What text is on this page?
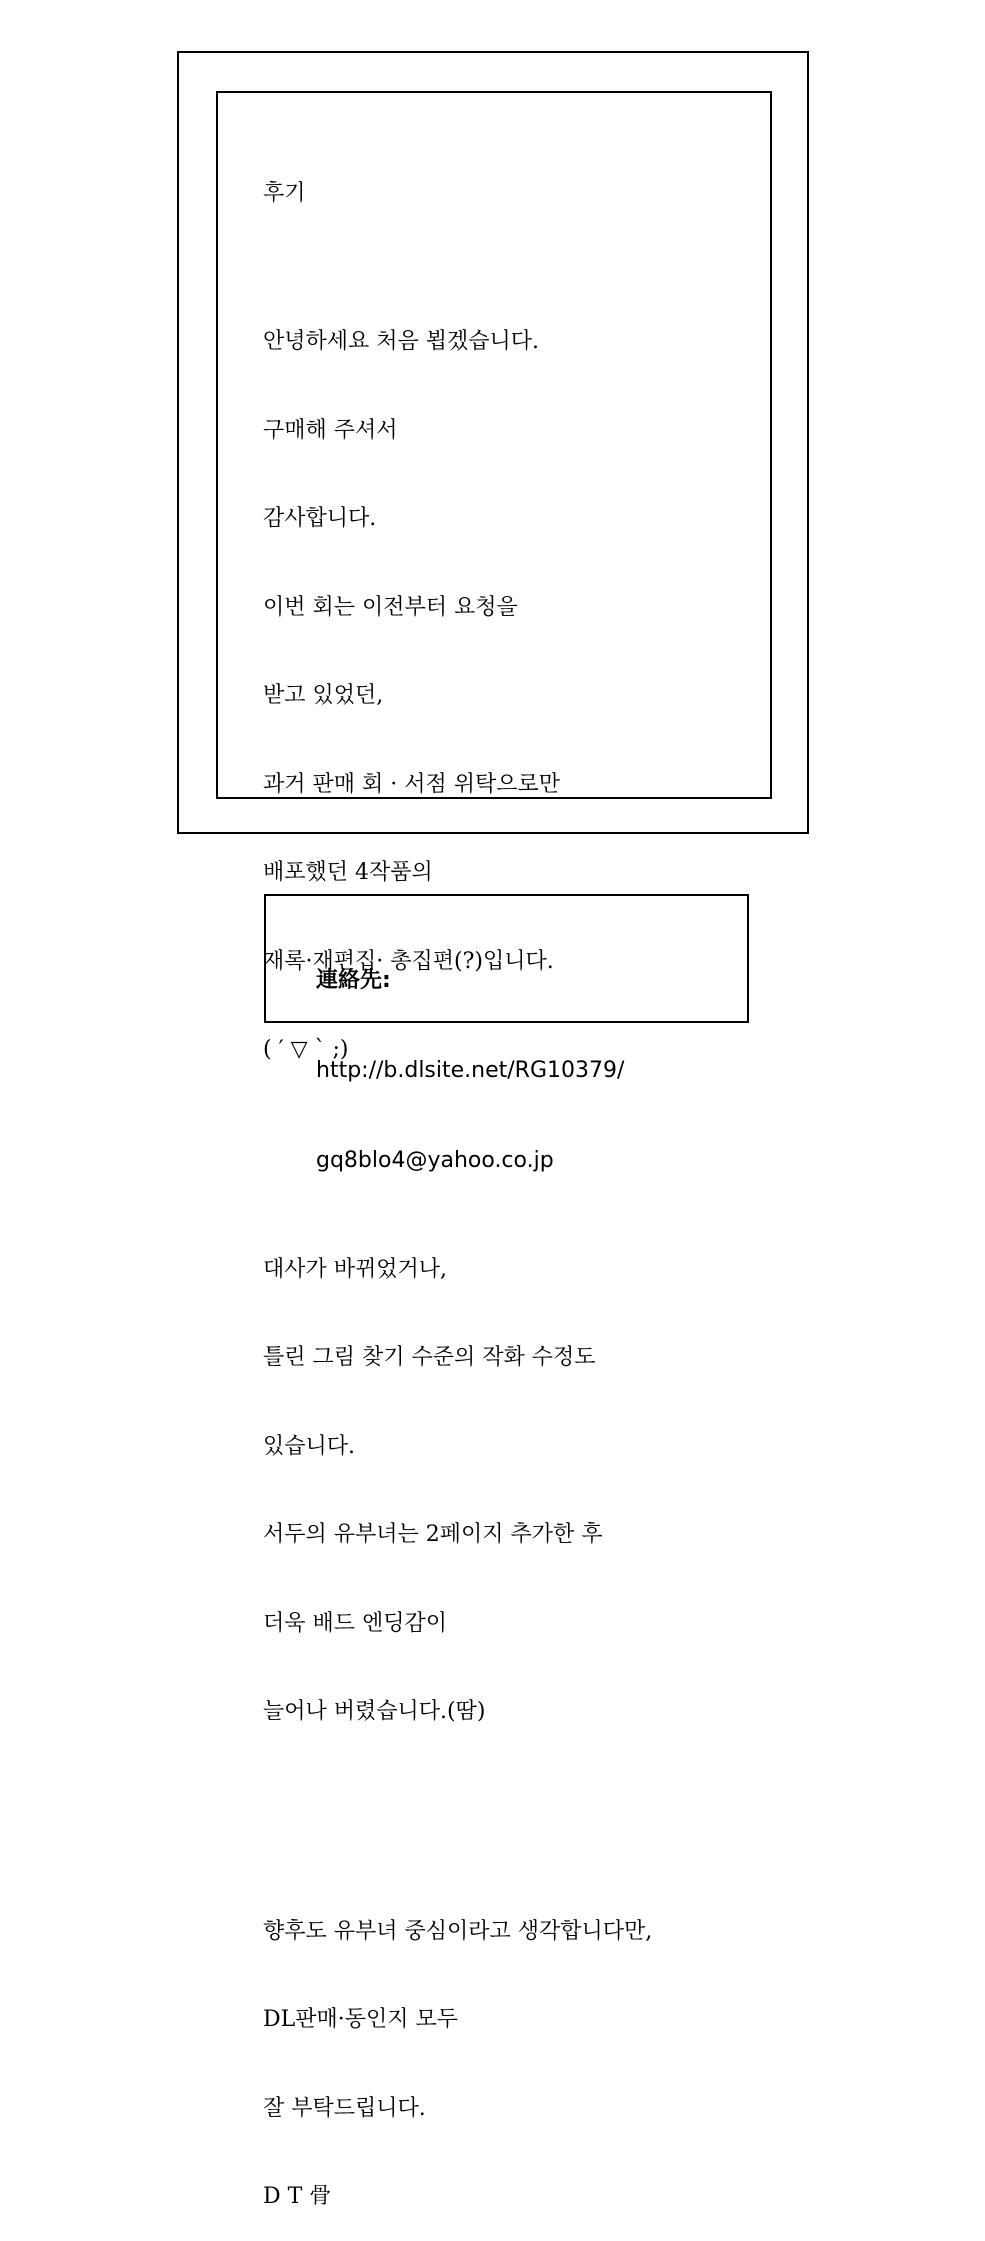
후기

안녕하세요 처음 뵙겠습니다.

구매해 주셔서

감사합니다.

이번 회는 이전부터 요청을

받고 있었던,

과거 판매 회 · 서점 위탁으로만

배포했던 4작품의

재록·재편집· 총집편(?)입니다.

( ′ ▽ ` ;)

대사가 바뀌었거나,

틀린 그림 찾기 수준의 작화 수정도

있습니다.

서두의 유부녀는 2페이지 추가한 후

더욱 배드 엔딩감이

늘어나 버렸습니다.(땀)

향후도 유부녀 중심이라고 생각합니다만,

DL판매·동인지 모두

잘 부탁드립니다.

D T 骨

連絡先:

http://b.dlsite.net/RG10379/

gq8blo4@yahoo.co.jp
